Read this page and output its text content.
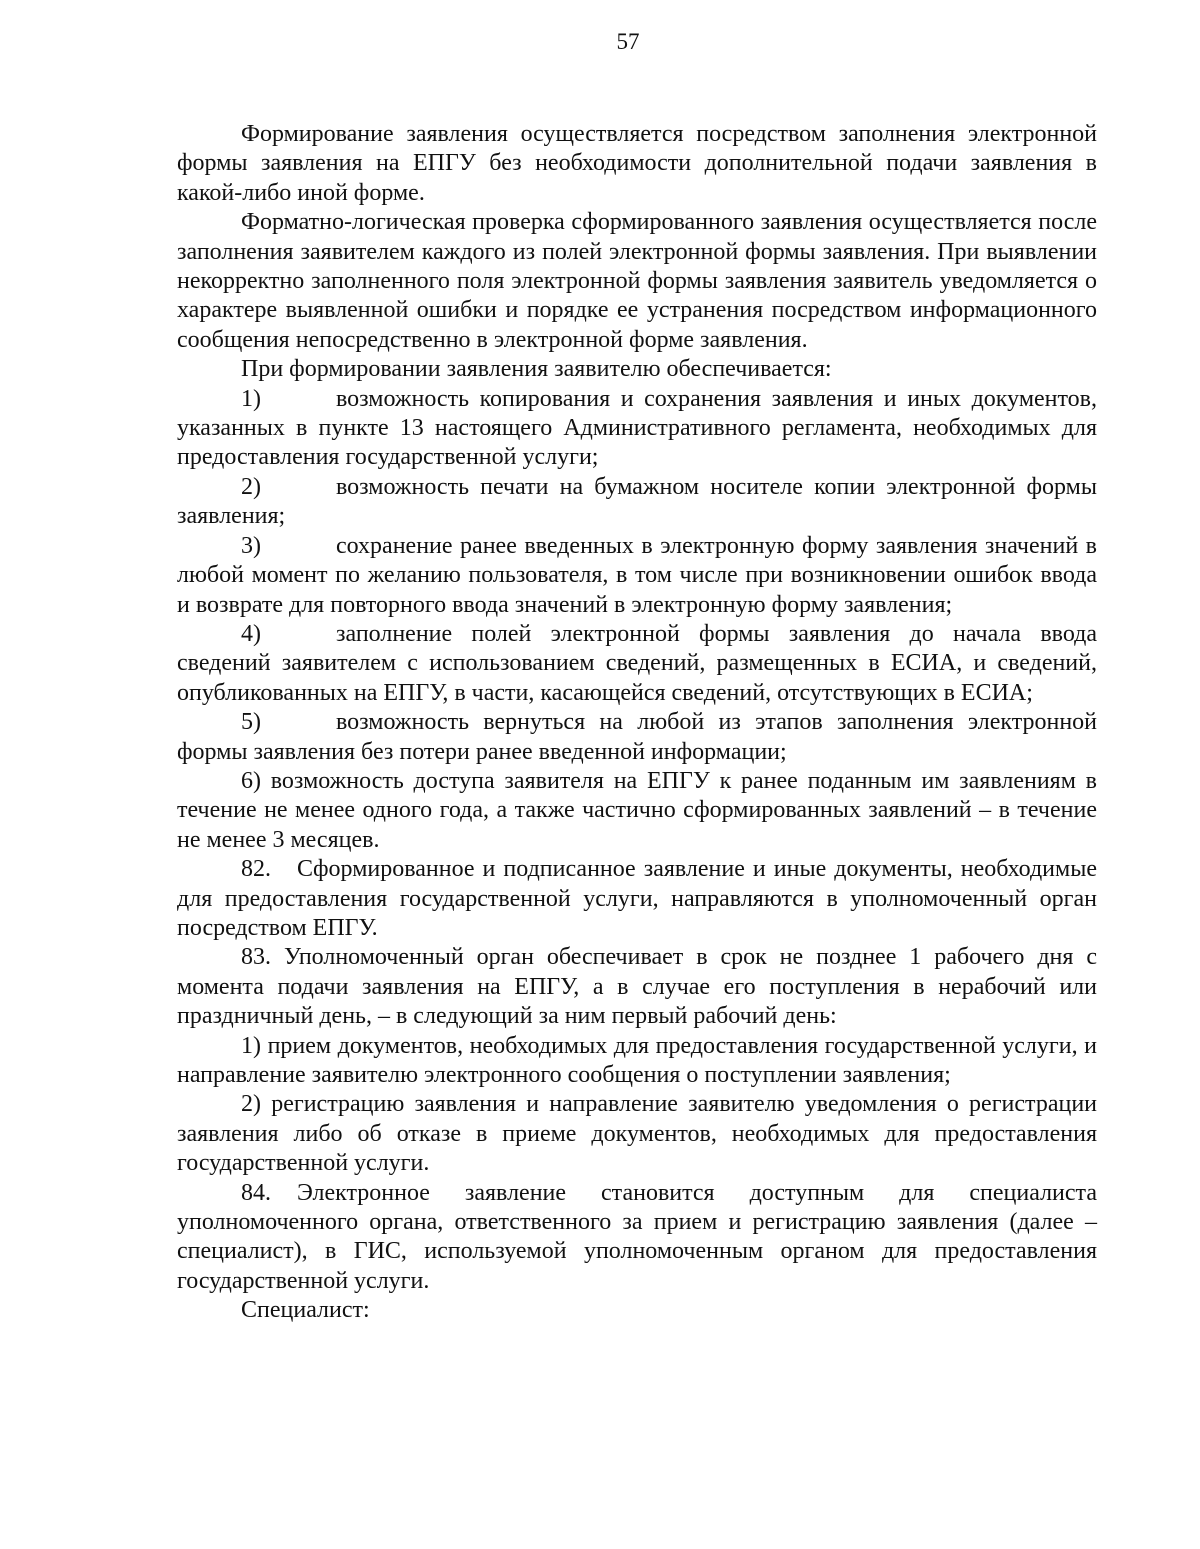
57

Формирование заявления осуществляется посредством заполнения электронной формы заявления на ЕПГУ без необходимости дополнительной подачи заявления в какой-либо иной форме.

Форматно-логическая проверка сформированного заявления осуществляется после заполнения заявителем каждого из полей электронной формы заявления. При выявлении некорректно заполненного поля электронной формы заявления заявитель уведомляется о характере выявленной ошибки и порядке ее устранения посредством информационного сообщения непосредственно в электронной форме заявления.

При формировании заявления заявителю обеспечивается:

1)	возможность копирования и сохранения заявления и иных документов, указанных в пункте 13 настоящего Административного регламента, необходимых для предоставления государственной услуги;

2)	возможность печати на бумажном носителе копии электронной формы заявления;

3)	сохранение ранее введенных в электронную форму заявления значений в любой момент по желанию пользователя, в том числе при возникновении ошибок ввода и возврате для повторного ввода значений в электронную форму заявления;

4)	заполнение полей электронной формы заявления до начала ввода сведений заявителем с использованием сведений, размещенных в ЕСИА, и сведений, опубликованных на ЕПГУ, в части, касающейся сведений, отсутствующих в ЕСИА;

5)	возможность вернуться на любой из этапов заполнения электронной формы заявления без потери ранее введенной информации;

6) возможность доступа заявителя на ЕПГУ к ранее поданным им заявлениям в течение не менее одного года, а также частично сформированных заявлений – в течение не менее 3 месяцев.

82. Сформированное и подписанное заявление и иные документы, необходимые для предоставления государственной услуги, направляются в уполномоченный орган посредством ЕПГУ.

83. Уполномоченный орган обеспечивает в срок не позднее 1 рабочего дня с момента подачи заявления на ЕПГУ, а в случае его поступления в нерабочий или праздничный день, – в следующий за ним первый рабочий день:

1) прием документов, необходимых для предоставления государственной услуги, и направление заявителю электронного сообщения о поступлении заявления;

2) регистрацию заявления и направление заявителю уведомления о регистрации заявления либо об отказе в приеме документов, необходимых для предоставления государственной услуги.

84. Электронное заявление становится доступным для специалиста уполномоченного органа, ответственного за прием и регистрацию заявления (далее – специалист), в ГИС, используемой уполномоченным органом для предоставления государственной услуги.

Специалист:
